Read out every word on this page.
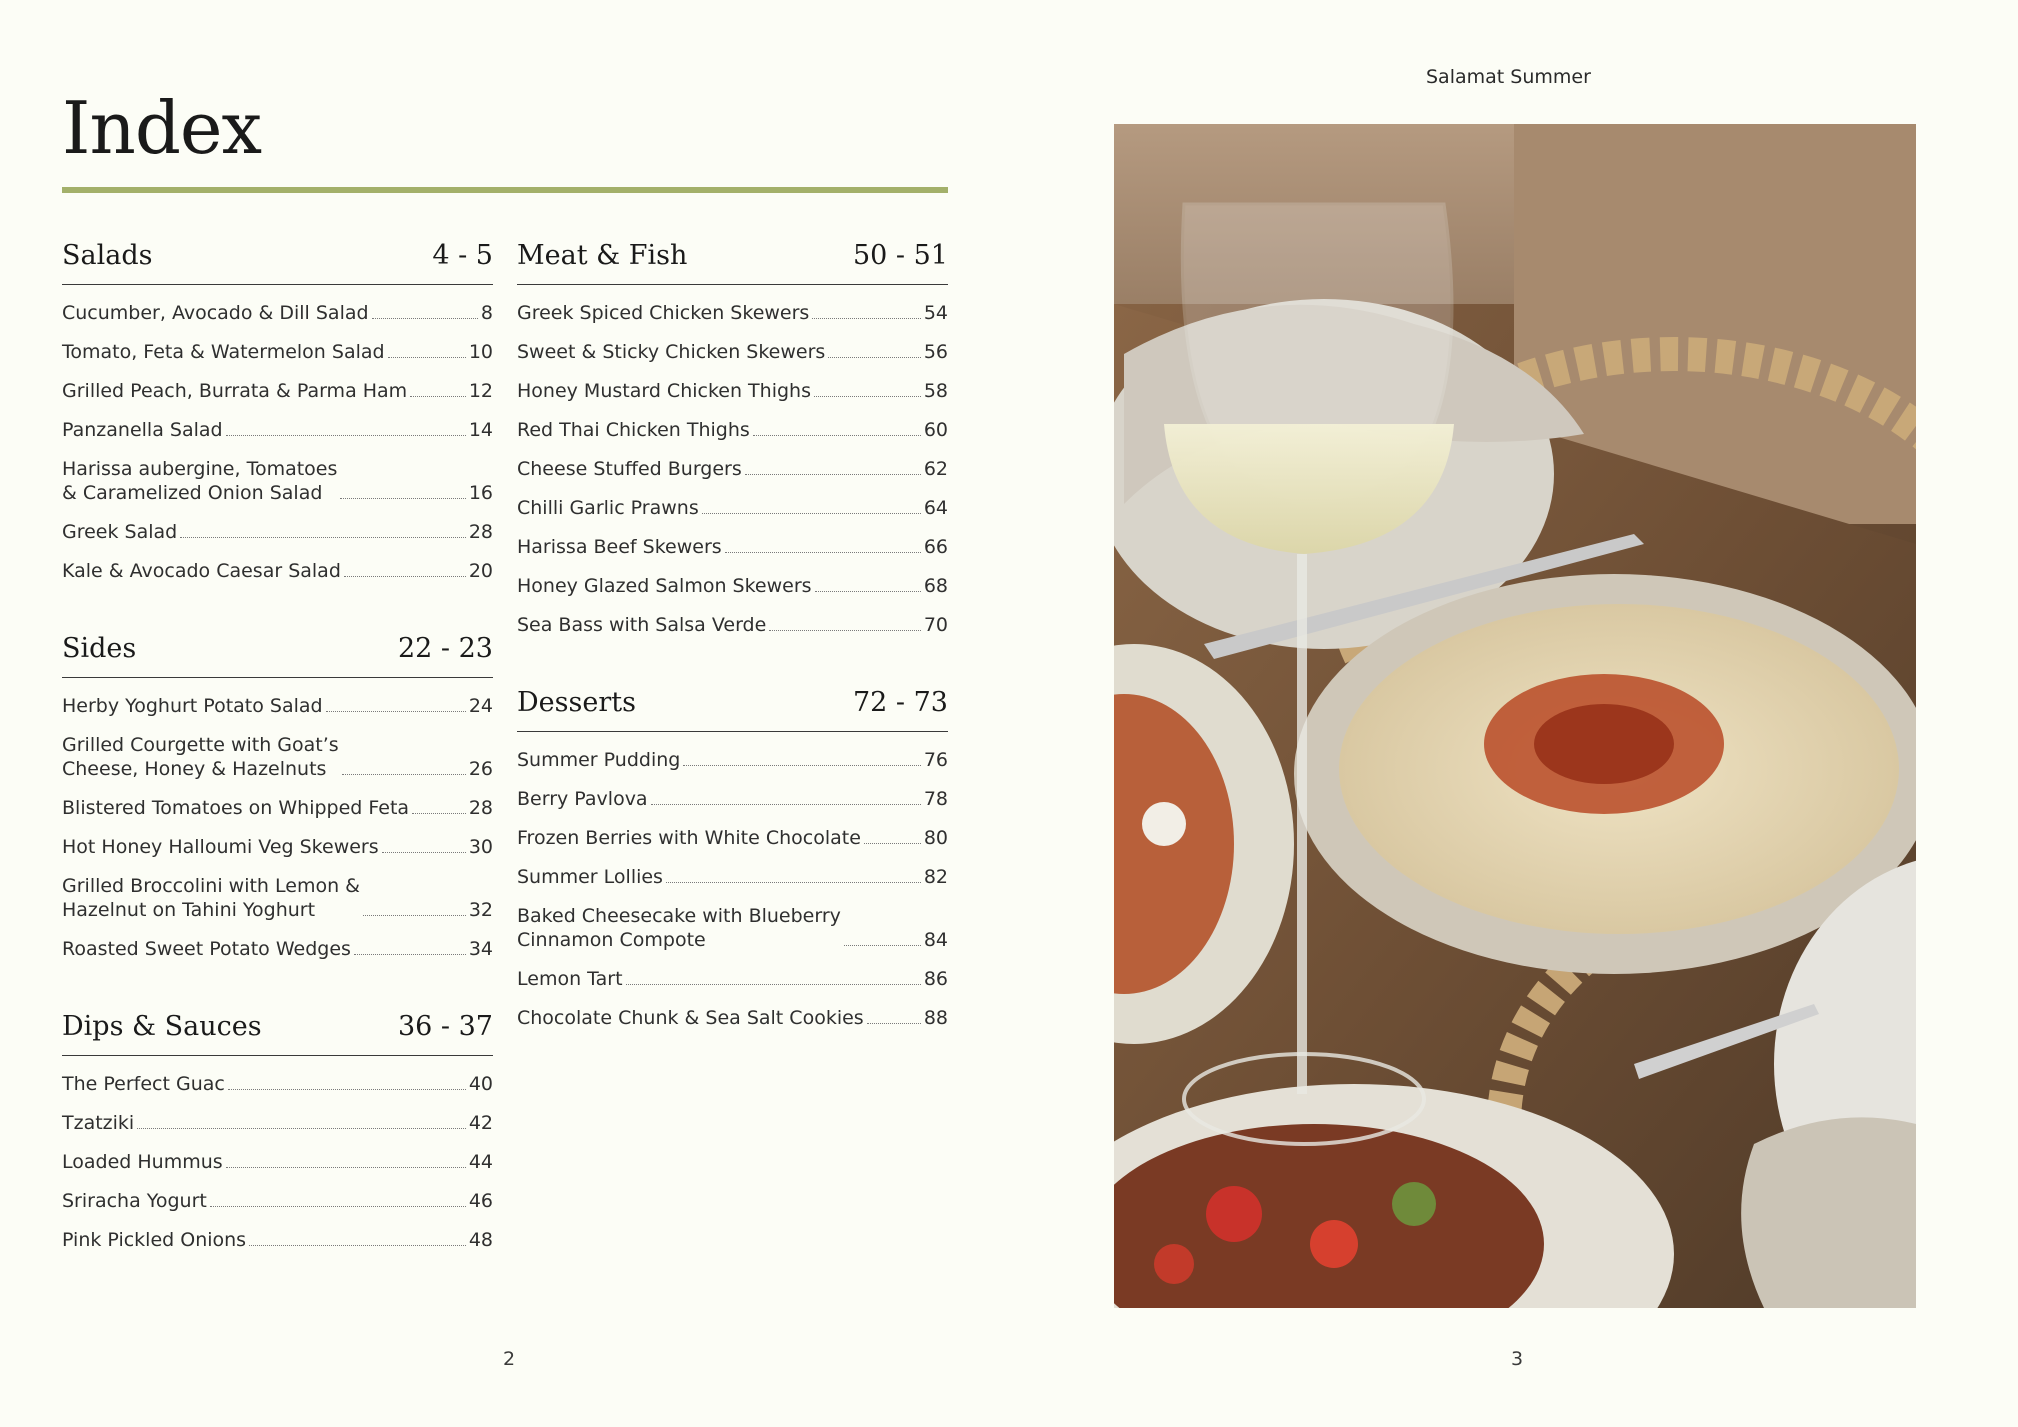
Index
Salads	4 - 5
Cucumber, Avocado & Dill Salad	8
Tomato, Feta & Watermelon Salad	10
Grilled Peach, Burrata & Parma Ham	12
Panzanella Salad	14
Harissa aubergine, Tomatoes
& Caramelized Onion Salad	16
Greek Salad	28
Kale & Avocado Caesar Salad	20
Sides	22 - 23
Herby Yoghurt Potato Salad	24
Grilled Courgette with Goat’s
Cheese, Honey & Hazelnuts	26
Blistered Tomatoes on Whipped Feta	28
Hot Honey Halloumi Veg Skewers	30
Grilled Broccolini with Lemon &
Hazelnut on Tahini Yoghurt	32
Roasted Sweet Potato Wedges	34
Dips & Sauces	36 - 37
The Perfect Guac	40
Tzatziki	42
Loaded Hummus	44
Sriracha Yogurt	46
Pink Pickled Onions	48
Meat & Fish	50 - 51
Greek Spiced Chicken Skewers	54
Sweet & Sticky Chicken Skewers	56
Honey Mustard Chicken Thighs	58
Red Thai Chicken Thighs	60
Cheese Stuffed Burgers	62
Chilli Garlic Prawns	64
Harissa Beef Skewers	66
Honey Glazed Salmon Skewers	68
Sea Bass with Salsa Verde	70
Desserts	72 - 73
Summer Pudding	76
Berry Pavlova	78
Frozen Berries with White Chocolate	80
Summer Lollies	82
Baked Cheesecake with Blueberry
Cinnamon Compote	84
Lemon Tart	86
Chocolate Chunk & Sea Salt Cookies	88
Salamat Summer
2	3
